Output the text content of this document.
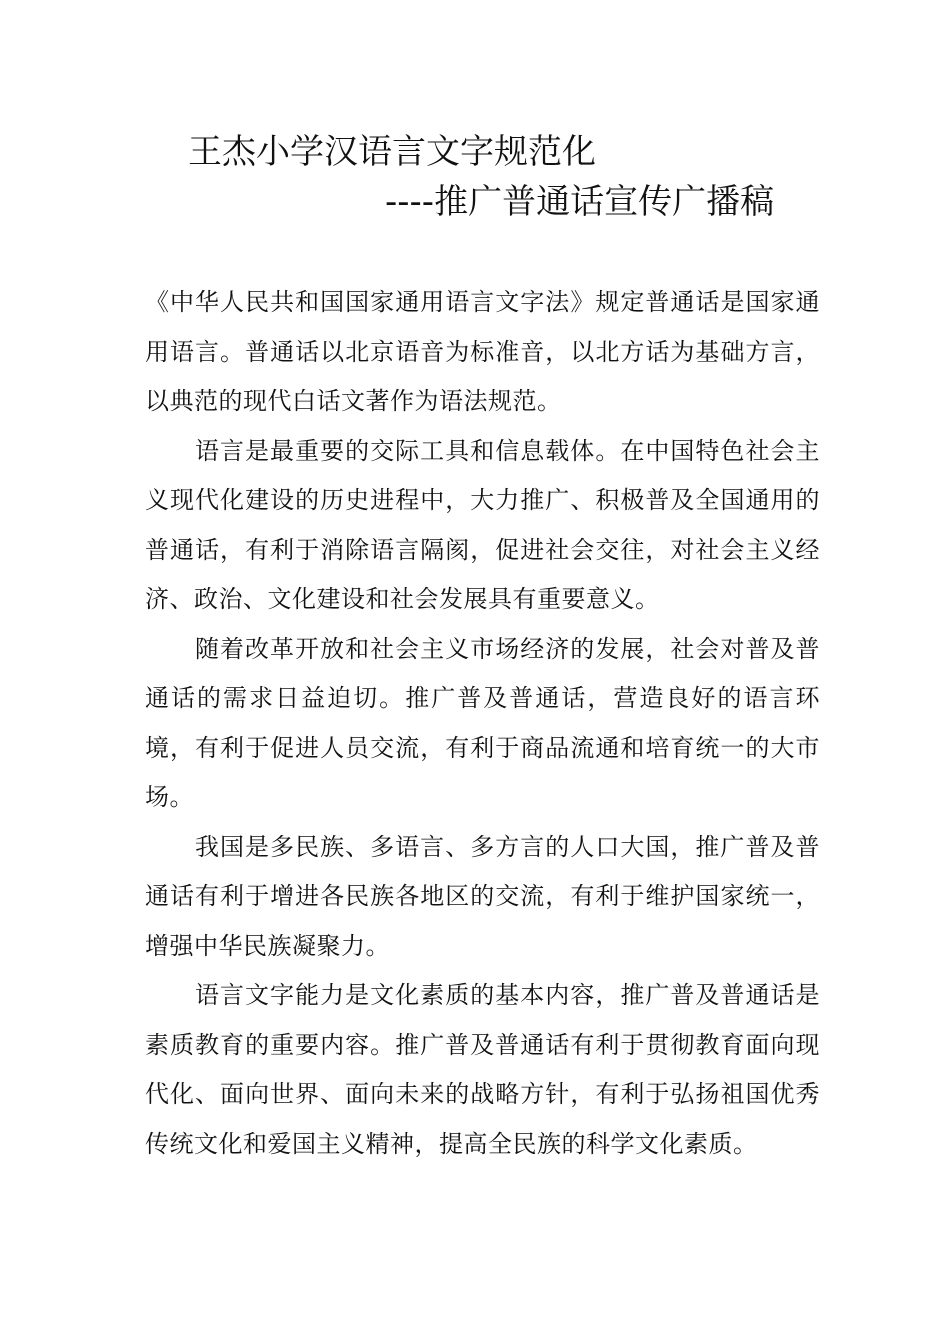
王杰小学汉语言文字规范化
----推广普通话宣传广播稿

《中华人民共和国国家通用语言文字法》规定普通话是国家通用语言。普通话以北京语音为标准音，以北方话为基础方言，以典范的现代白话文著作为语法规范。

语言是最重要的交际工具和信息载体。在中国特色社会主义现代化建设的历史进程中，大力推广、积极普及全国通用的普通话，有利于消除语言隔阂，促进社会交往，对社会主义经济、政治、文化建设和社会发展具有重要意义。

随着改革开放和社会主义市场经济的发展，社会对普及普通话的需求日益迫切。推广普及普通话，营造良好的语言环境，有利于促进人员交流，有利于商品流通和培育统一的大市场。

我国是多民族、多语言、多方言的人口大国，推广普及普通话有利于增进各民族各地区的交流，有利于维护国家统一，增强中华民族凝聚力。

语言文字能力是文化素质的基本内容，推广普及普通话是素质教育的重要内容。推广普及普通话有利于贯彻教育面向现代化、面向世界、面向未来的战略方针，有利于弘扬祖国优秀传统文化和爱国主义精神，提高全民族的科学文化素质。
